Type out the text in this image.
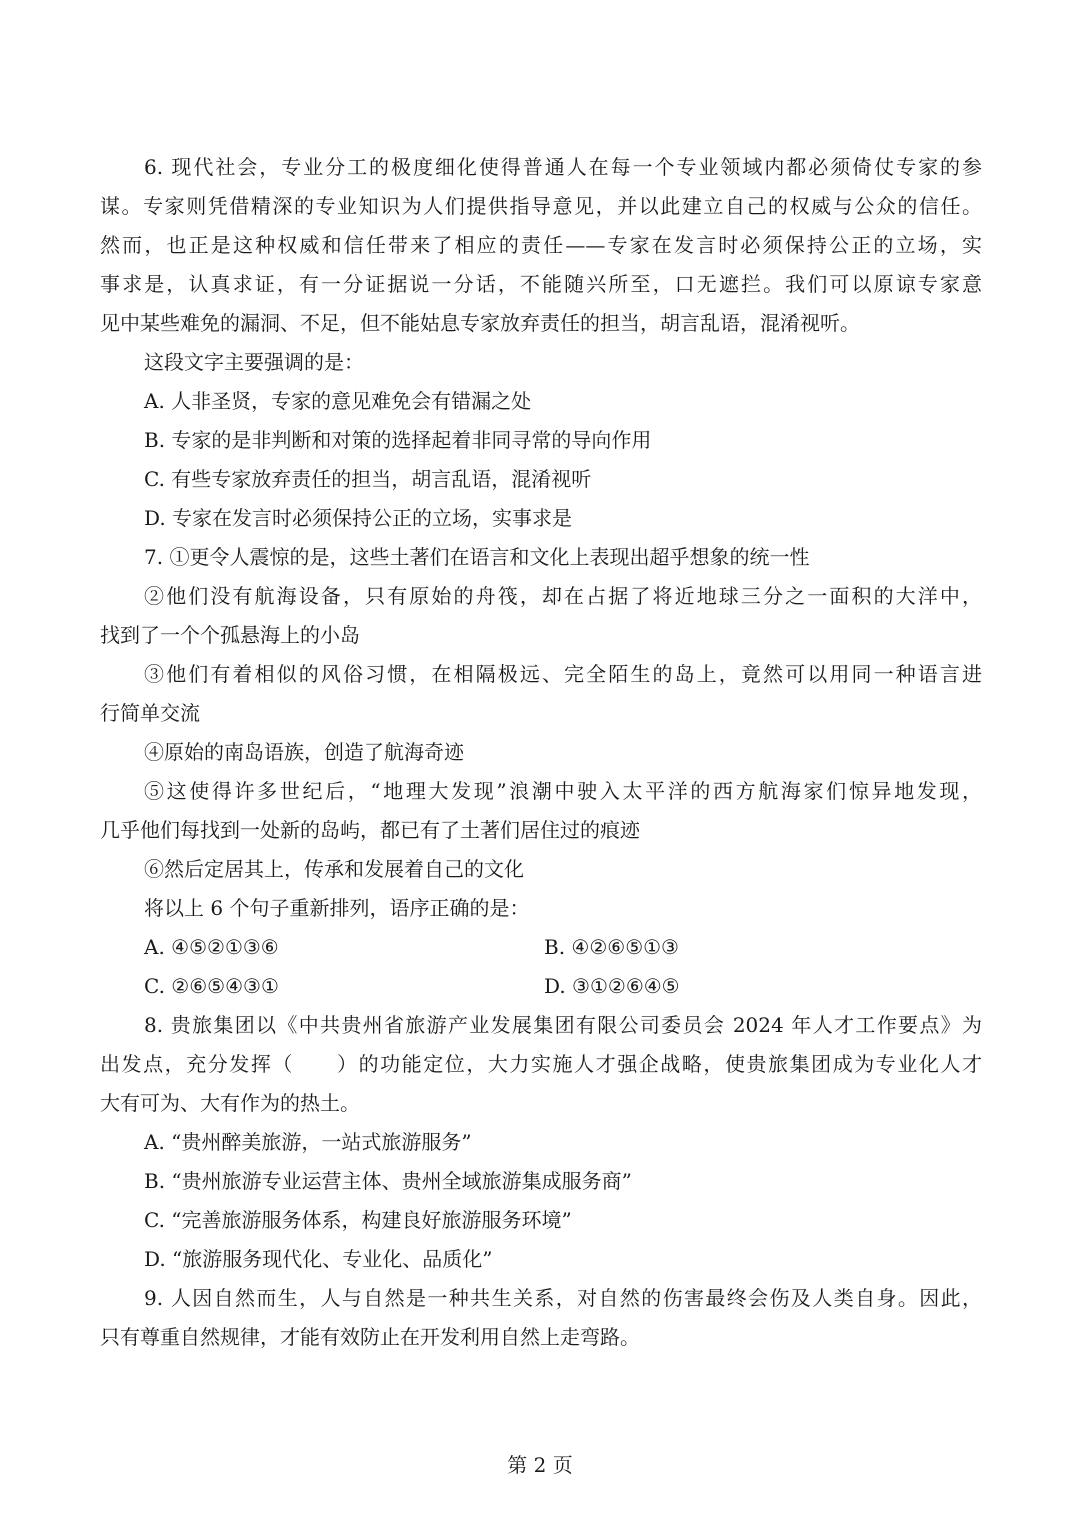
6. 现代社会，专业分工的极度细化使得普通人在每一个专业领域内都必须倚仗专家的参
谋。专家则凭借精深的专业知识为人们提供指导意见，并以此建立自己的权威与公众的信任。
然而，也正是这种权威和信任带来了相应的责任——专家在发言时必须保持公正的立场，实
事求是，认真求证，有一分证据说一分话，不能随兴所至，口无遮拦。我们可以原谅专家意
见中某些难免的漏洞、不足，但不能姑息专家放弃责任的担当，胡言乱语，混淆视听。
这段文字主要强调的是：
A. 人非圣贤，专家的意见难免会有错漏之处
B. 专家的是非判断和对策的选择起着非同寻常的导向作用
C. 有些专家放弃责任的担当，胡言乱语，混淆视听
D. 专家在发言时必须保持公正的立场，实事求是
7. ①更令人震惊的是，这些土著们在语言和文化上表现出超乎想象的统一性
②他们没有航海设备，只有原始的舟筏，却在占据了将近地球三分之一面积的大洋中，
找到了一个个孤悬海上的小岛
③他们有着相似的风俗习惯，在相隔极远、完全陌生的岛上，竟然可以用同一种语言进
行简单交流
④原始的南岛语族，创造了航海奇迹
⑤这使得许多世纪后，“地理大发现”浪潮中驶入太平洋的西方航海家们惊异地发现，
几乎他们每找到一处新的岛屿，都已有了土著们居住过的痕迹
⑥然后定居其上，传承和发展着自己的文化
将以上 6 个句子重新排列，语序正确的是：
A. ④⑤②①③⑥	B. ④②⑥⑤①③
C. ②⑥⑤④③①	D. ③①②⑥④⑤
8. 贵旅集团以《中共贵州省旅游产业发展集团有限公司委员会 2024 年人才工作要点》为
出发点，充分发挥（　　）的功能定位，大力实施人才强企战略，使贵旅集团成为专业化人才
大有可为、大有作为的热土。
A. “贵州醉美旅游，一站式旅游服务”
B. “贵州旅游专业运营主体、贵州全域旅游集成服务商”
C. “完善旅游服务体系，构建良好旅游服务环境”
D. “旅游服务现代化、专业化、品质化”
9. 人因自然而生，人与自然是一种共生关系，对自然的伤害最终会伤及人类自身。因此，
只有尊重自然规律，才能有效防止在开发利用自然上走弯路。
第 2 页
